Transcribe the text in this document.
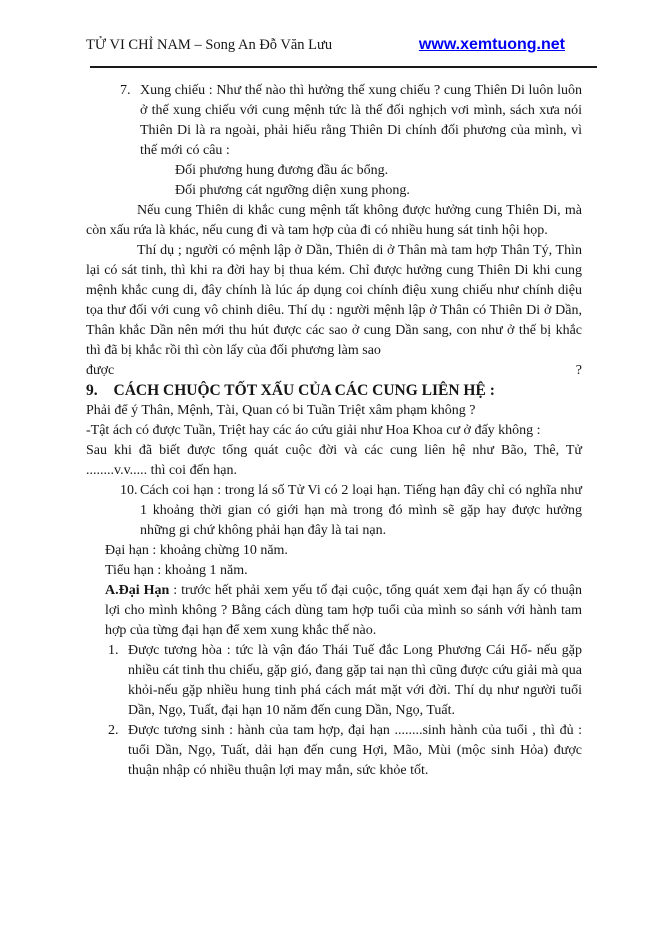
TỬ VI CHỈ NAM – Song An Đỗ Văn Lưu	www.xemtuong.net
7. Xung chiếu : Như thế nào thì hưởng thế xung chiếu ? cung Thiên Di luôn luôn ở thế xung chiếu với cung mệnh tức là thế đối nghịch vơi mình, sách xưa nói Thiên Di là ra ngoài, phải hiểu rằng Thiên Di chính đối phương của mình, vì thế mới có câu :
Đối phương hung đương đầu ác bổng.
Đối phương cát ngưỡng diện xung phong.

Nếu cung Thiên di khắc cung mệnh tất không được hưởng cung Thiên Di, mà còn xấu rứa là khác, nếu cung đi và tam hợp của đi có nhiều hung sát tinh hội họp.

Thí dụ ; người có mệnh lập ở Dần, Thiên di ở Thân mà tam hợp Thân Tý, Thìn lại có sát tinh, thì khi ra đời hay bị thua kém. Chỉ được hưởng cung Thiên Di khi cung mệnh khắc cung di, đây chính là lúc áp dụng coi chính điệu xung chiếu như chính diệu tọa thư đối với cung vô chinh diêu. Thí dụ : người mệnh lập ở Thân có Thiên Di ở Dần, Thân khắc Dần nên mới thu hút được các sao ở cung Dần sang, con như ở thế bị khắc thì đã bị khắc rồi thì còn lấy của đối phương làm sao

được	?
9. CÁCH CHUỘC TỐT XẤU CỦA CÁC CUNG LIÊN HỆ :

Phải để ý Thân, Mệnh, Tài, Quan có bi Tuần Triệt xâm phạm không ?

-Tật ách có được Tuần, Triệt hay các áo cứu giải như Hoa Khoa cư ở đấy không :

Sau khi đã biết được tổng quát cuộc đời và các cung liên hệ như Bão, Thê, Tử ........v.v..... thì coi đến hạn.

10. Cách coi hạn : trong lá số Tử Vi có 2 loại hạn. Tiếng hạn đây chỉ có nghĩa như 1 khoảng thời gian có giới hạn mà trong đó mình sẽ gặp hay được hưởng những gi chứ không phải hạn đây là tai nạn.
Đại hạn : khoảng chừng 10 năm.
Tiểu hạn : khoảng 1 năm.

A.Đại Hạn : trước hết phải xem yếu tố đại cuộc, tổng quát xem đại hạn ấy có thuận lợi cho mình không ? Bằng cách dùng tam hợp tuổi của mình so sánh với hành tam hợp của từng đại hạn để xem xung khắc thế nào.

1. Được tương hòa : tức là vận đáo Thái Tuế đắc Long Phương Cái Hổ- nếu gặp nhiều cát tinh thu chiếu, gặp gió, đang gặp tai nạn thì cũng được cứu giải mà qua khỏi-nếu gặp nhiều hung tinh phá cách mát mặt với đời. Thí dụ như người tuổi Dần, Ngọ, Tuất, đại hạn 10 năm đến cung Dần, Ngọ, Tuất.
2. Được tương sinh : hành của tam hợp, đại hạn ........sinh hành của tuổi , thì đủ : tuổi Dần, Ngọ, Tuất, dải hạn đến cung Hợi, Mão, Mùi (mộc sinh Hỏa) được thuận nhập có nhiều thuận lợi may mắn, sức khỏe tốt.
